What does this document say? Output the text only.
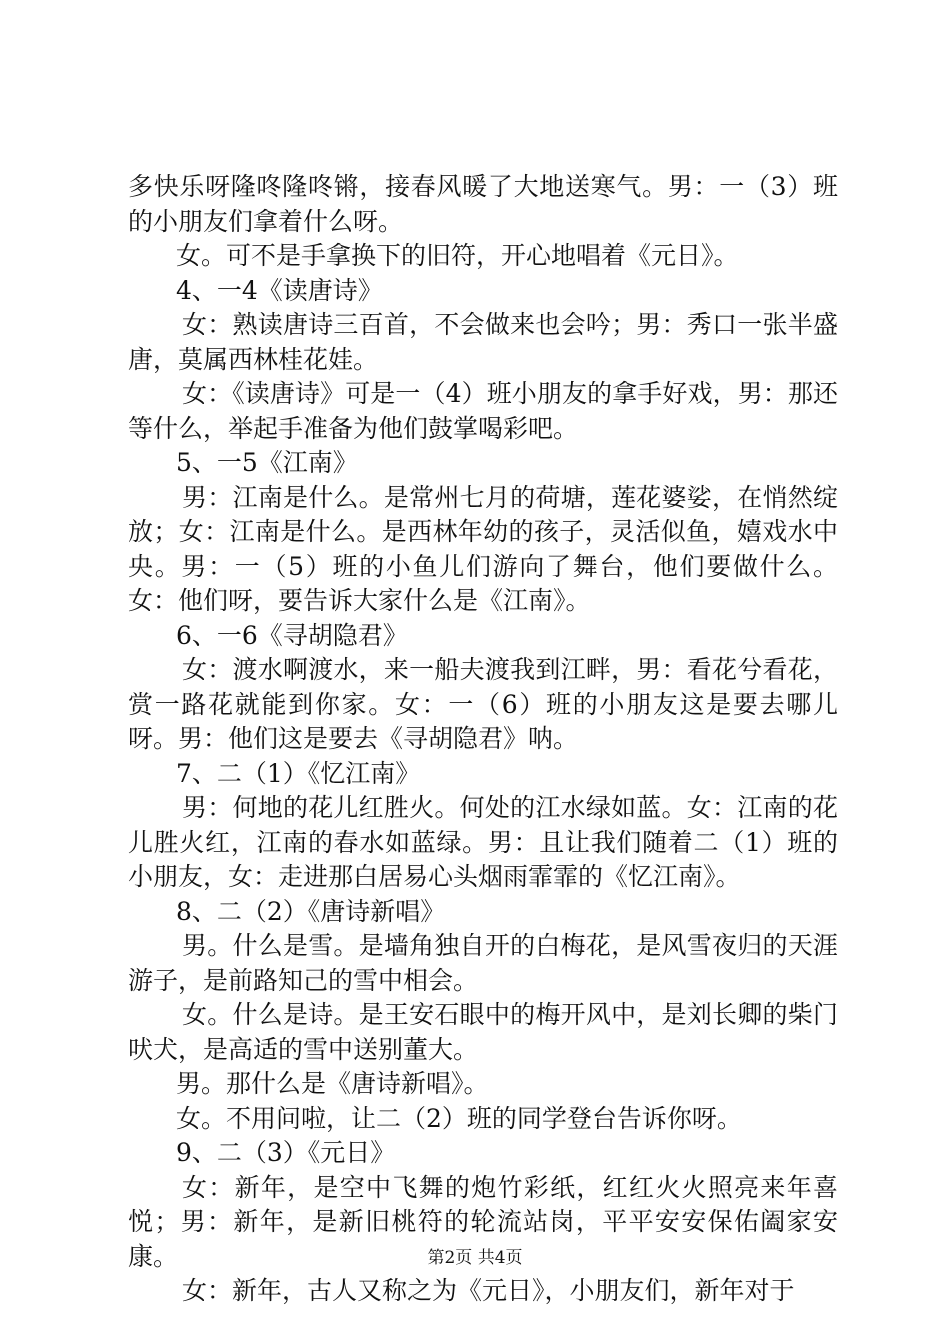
多快乐呀隆咚隆咚锵，接春风暖了大地送寒气。男：一（3）班的小朋友们拿着什么呀。

女。可不是手拿换下的旧符，开心地唱着《元日》。

4、一4《读唐诗》

女：熟读唐诗三百首，不会做来也会吟；男：秀口一张半盛唐，莫属西林桂花娃。

女：《读唐诗》可是一（4）班小朋友的拿手好戏，男：那还等什么，举起手准备为他们鼓掌喝彩吧。

5、一5《江南》

男：江南是什么。是常州七月的荷塘，莲花婆娑，在悄然绽放；女：江南是什么。是西林年幼的孩子，灵活似鱼，嬉戏水中央。男：一（5）班的小鱼儿们游向了舞台，他们要做什么。女：他们呀，要告诉大家什么是《江南》。

6、一6《寻胡隐君》

女：渡水啊渡水，来一船夫渡我到江畔，男：看花兮看花，赏一路花就能到你家。女：一（6）班的小朋友这是要去哪儿呀。男：他们这是要去《寻胡隐君》呐。

7、二（1）《忆江南》

男：何地的花儿红胜火。何处的江水绿如蓝。女：江南的花儿胜火红，江南的春水如蓝绿。男：且让我们随着二（1）班的小朋友，女：走进那白居易心头烟雨霏霏的《忆江南》。

8、二（2）《唐诗新唱》

男。什么是雪。是墙角独自开的白梅花，是风雪夜归的天涯游子，是前路知己的雪中相会。

女。什么是诗。是王安石眼中的梅开风中，是刘长卿的柴门吠犬，是高适的雪中送别董大。

男。那什么是《唐诗新唱》。

女。不用问啦，让二（2）班的同学登台告诉你呀。

9、二（3）《元日》

女：新年，是空中飞舞的炮竹彩纸，红红火火照亮来年喜悦；男：新年，是新旧桃符的轮流站岗，平平安安保佑阖家安康。

女：新年，古人又称之为《元日》，小朋友们，新年对于

第2页 共4页
